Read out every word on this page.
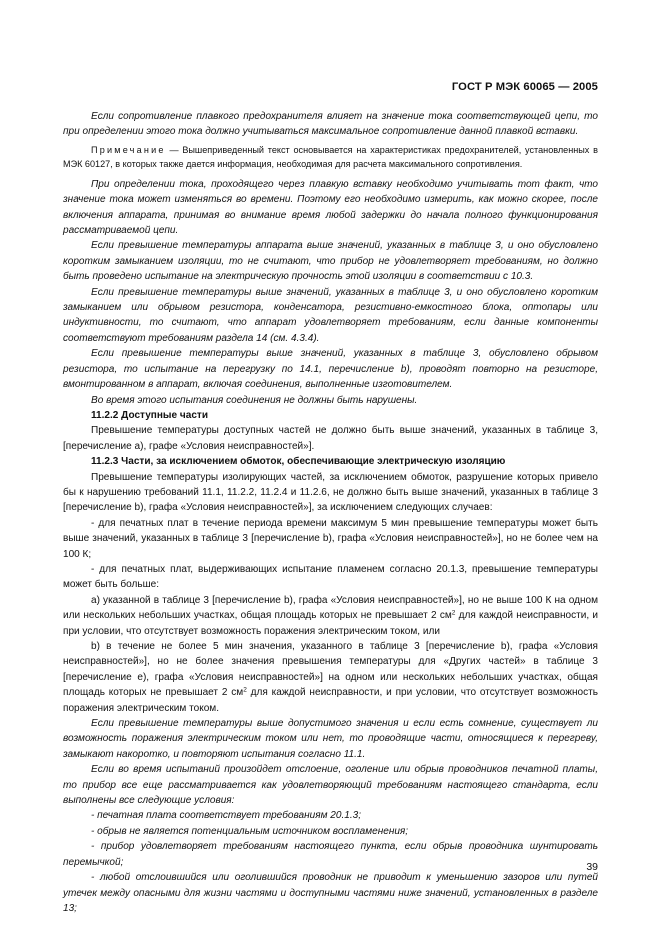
ГОСТ Р МЭК 60065 — 2005

Если сопротивление плавкого предохранителя влияет на значение тока соответствующей цепи, то при определении этого тока должно учитываться максимальное сопротивление данной плавкой вставки.

Примечание — Вышеприведенный текст основывается на характеристиках предохранителей, установленных в МЭК 60127, в которых также дается информация, необходимая для расчета максимального сопротивления.

При определении тока, проходящего через плавкую вставку необходимо учитывать тот факт, что значение тока может изменяться во времени. Поэтому его необходимо измерить, как можно скорее, после включения аппарата, принимая во внимание время любой задержки до начала полного функционирования рассматриваемой цепи.

Если превышение температуры аппарата выше значений, указанных в таблице 3, и оно обусловлено коротким замыканием изоляции, то не считают, что прибор не удовлетворяет требованиям, но должно быть проведено испытание на электрическую прочность этой изоляции в соответствии с 10.3.

Если превышение температуры выше значений, указанных в таблице 3, и оно обусловлено коротким замыканием или обрывом резистора, конденсатора, резистивно-емкостного блока, оптопары или индуктивности, то считают, что аппарат удовлетворяет требованиям, если данные компоненты соответствуют требованиям раздела 14 (см. 4.3.4).

Если превышение температуры выше значений, указанных в таблице 3, обусловлено обрывом резистора, то испытание на перегрузку по 14.1, перечисление b), проводят повторно на резисторе, вмонтированном в аппарат, включая соединения, выполненные изготовителем.

Во время этого испытания соединения не должны быть нарушены.

11.2.2 Доступные части

Превышение температуры доступных частей не должно быть выше значений, указанных в таблице 3, [перечисление а), графе «Условия неисправностей»].

11.2.3 Части, за исключением обмоток, обеспечивающие электрическую изоляцию

Превышение температуры изолирующих частей, за исключением обмоток, разрушение которых привело бы к нарушению требований 11.1, 11.2.2, 11.2.4 и 11.2.6, не должно быть выше значений, указанных в таблице 3 [перечисление b), графа «Условия неисправностей»], за исключением следующих случаев:

- для печатных плат в течение периода времени максимум 5 мин превышение температуры может быть выше значений, указанных в таблице 3 [перечисление b), графа «Условия неисправностей»], но не более чем на 100 К;

- для печатных плат, выдерживающих испытание пламенем согласно 20.1.3, превышение температуры может быть больше:

а) указанной в таблице 3 [перечисление b), графа «Условия неисправностей»], но не выше 100 К на одном или нескольких небольших участках, общая площадь которых не превышает 2 $см^2$ для каждой неисправности, и при условии, что отсутствует возможность поражения электрическим током, или

b) в течение не более 5 мин значения, указанного в таблице 3 [перечисление b), графа «Условия неисправностей»], но не более значения превышения температуры для «Других частей» в таблице 3 [перечисление е), графа «Условия неисправностей»] на одном или нескольких небольших участках, общая площадь которых не превышает 2 $см^2$ для каждой неисправности, и при условии, что отсутствует возможность поражения электрическим током.

Если превышение температуры выше допустимого значения и если есть сомнение, существует ли возможность поражения электрическим током или нет, то проводящие части, относящиеся к перегреву, замыкают накоротко, и повторяют испытания согласно 11.1.

Если во время испытаний произойдет отслоение, оголение или обрыв проводников печатной платы, то прибор все еще рассматривается как удовлетворяющий требованиям настоящего стандарта, если выполнены все следующие условия:

- печатная плата соответствует требованиям 20.1.3;

- обрыв не является потенциальным источником воспламенения;

- прибор удовлетворяет требованиям настоящего пункта, если обрыв проводника шунтировать перемычкой;

- любой отслоившийся или оголившийся проводник не приводит к уменьшению зазоров или путей утечек между опасными для жизни частями и доступными частями ниже значений, установленных в разделе 13;

39
